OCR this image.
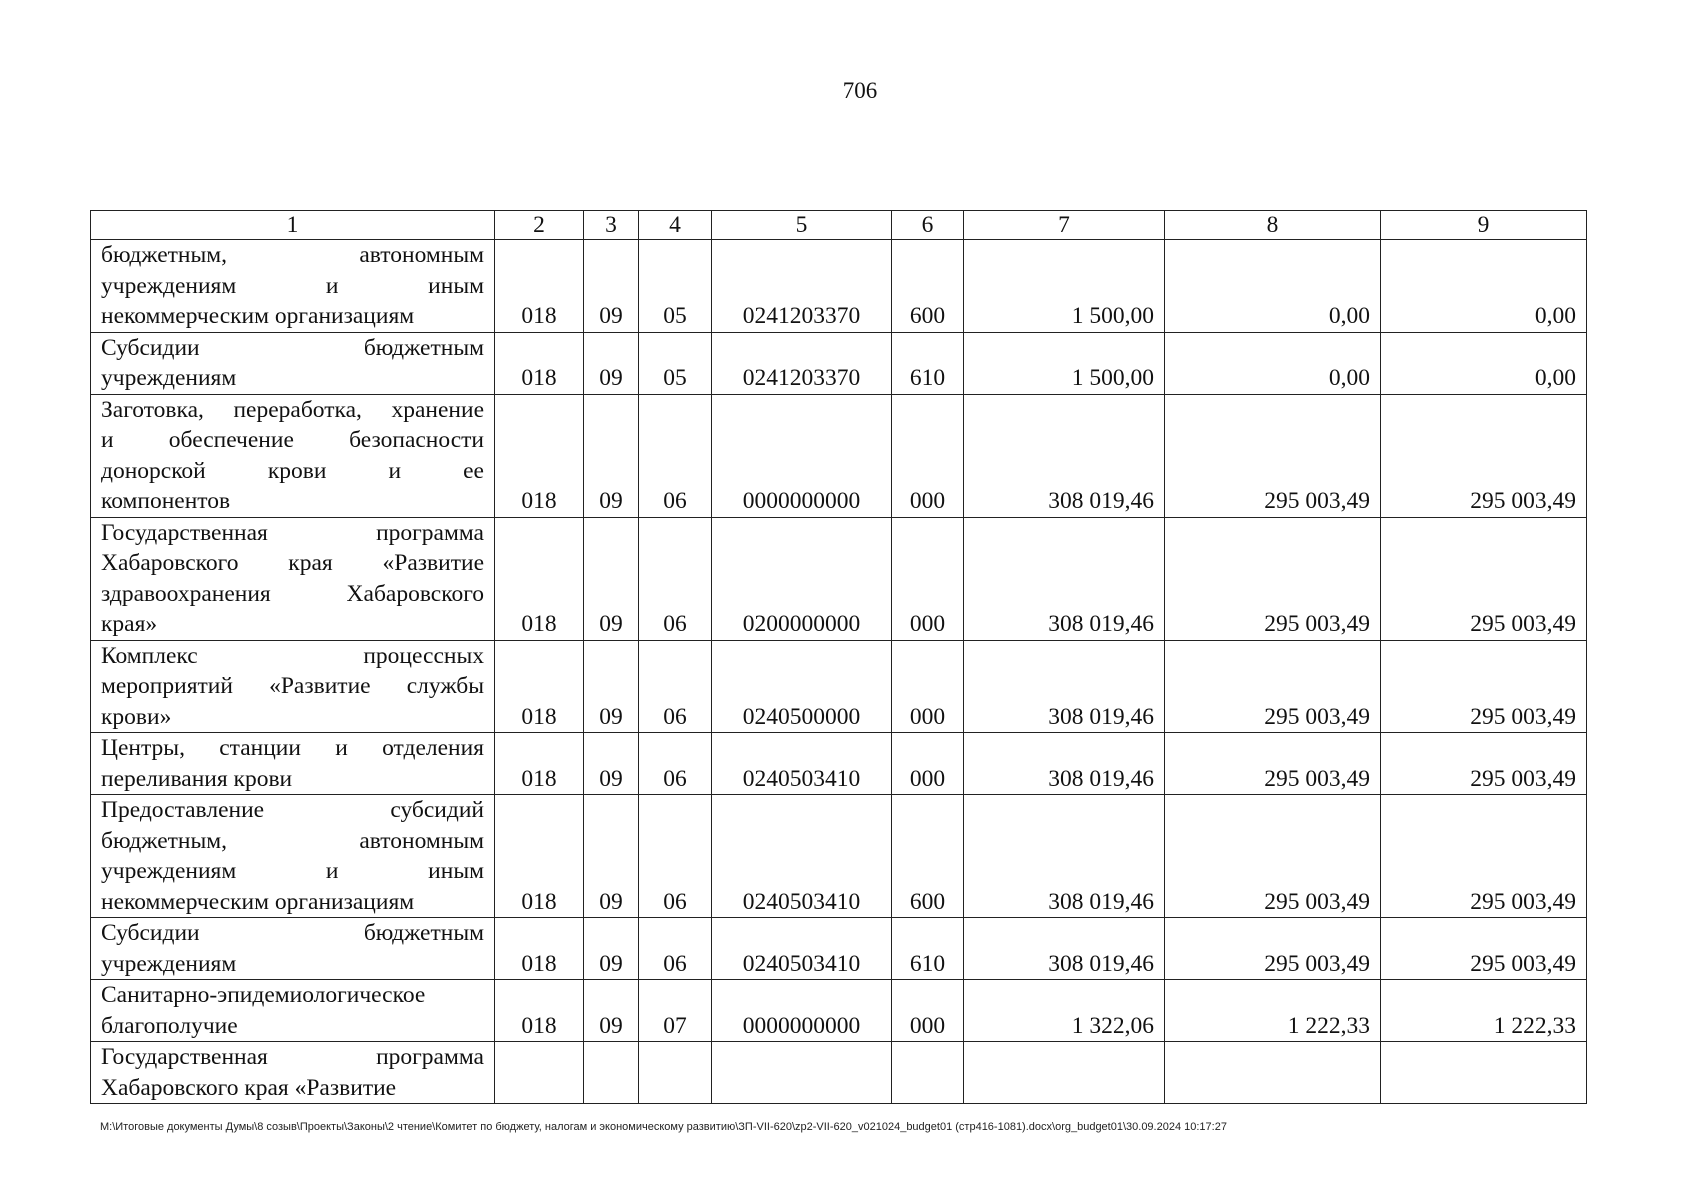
706
1	2	3	4	5	6	7	8	9

бюджетным, автономным
учреждениям и иным
некоммерческим организациям	018	09	05	0241203370	600	1 500,00	0,00	0,00

Субсидии бюджетным
учреждениям	018	09	05	0241203370	610	1 500,00	0,00	0,00

Заготовка, переработка, хранение
и обеспечение безопасности
донорской крови и ее
компонентов	018	09	06	0000000000	000	308 019,46	295 003,49	295 003,49

Государственная программа
Хабаровского края «Развитие
здравоохранения Хабаровского
края»	018	09	06	0200000000	000	308 019,46	295 003,49	295 003,49

Комплекс процессных
мероприятий «Развитие службы
крови»	018	09	06	0240500000	000	308 019,46	295 003,49	295 003,49

Центры, станции и отделения
переливания крови	018	09	06	0240503410	000	308 019,46	295 003,49	295 003,49

Предоставление субсидий
бюджетным, автономным
учреждениям и иным
некоммерческим организациям	018	09	06	0240503410	600	308 019,46	295 003,49	295 003,49

Субсидии бюджетным
учреждениям	018	09	06	0240503410	610	308 019,46	295 003,49	295 003,49

Санитарно-эпидемиологическое
благополучие	018	09	07	0000000000	000	1 322,06	1 222,33	1 222,33

Государственная программа
Хабаровского края «Развитие								

М:\Итоговые документы Думы\8 созыв\Проекты\Законы\2 чтение\Комитет по бюджету, налогам и экономическому развитию\ЗП-VII-620\zp2-VII-620_v021024_budget01 (стр416-1081).docx\org_budget01\30.09.2024 10:17:27
